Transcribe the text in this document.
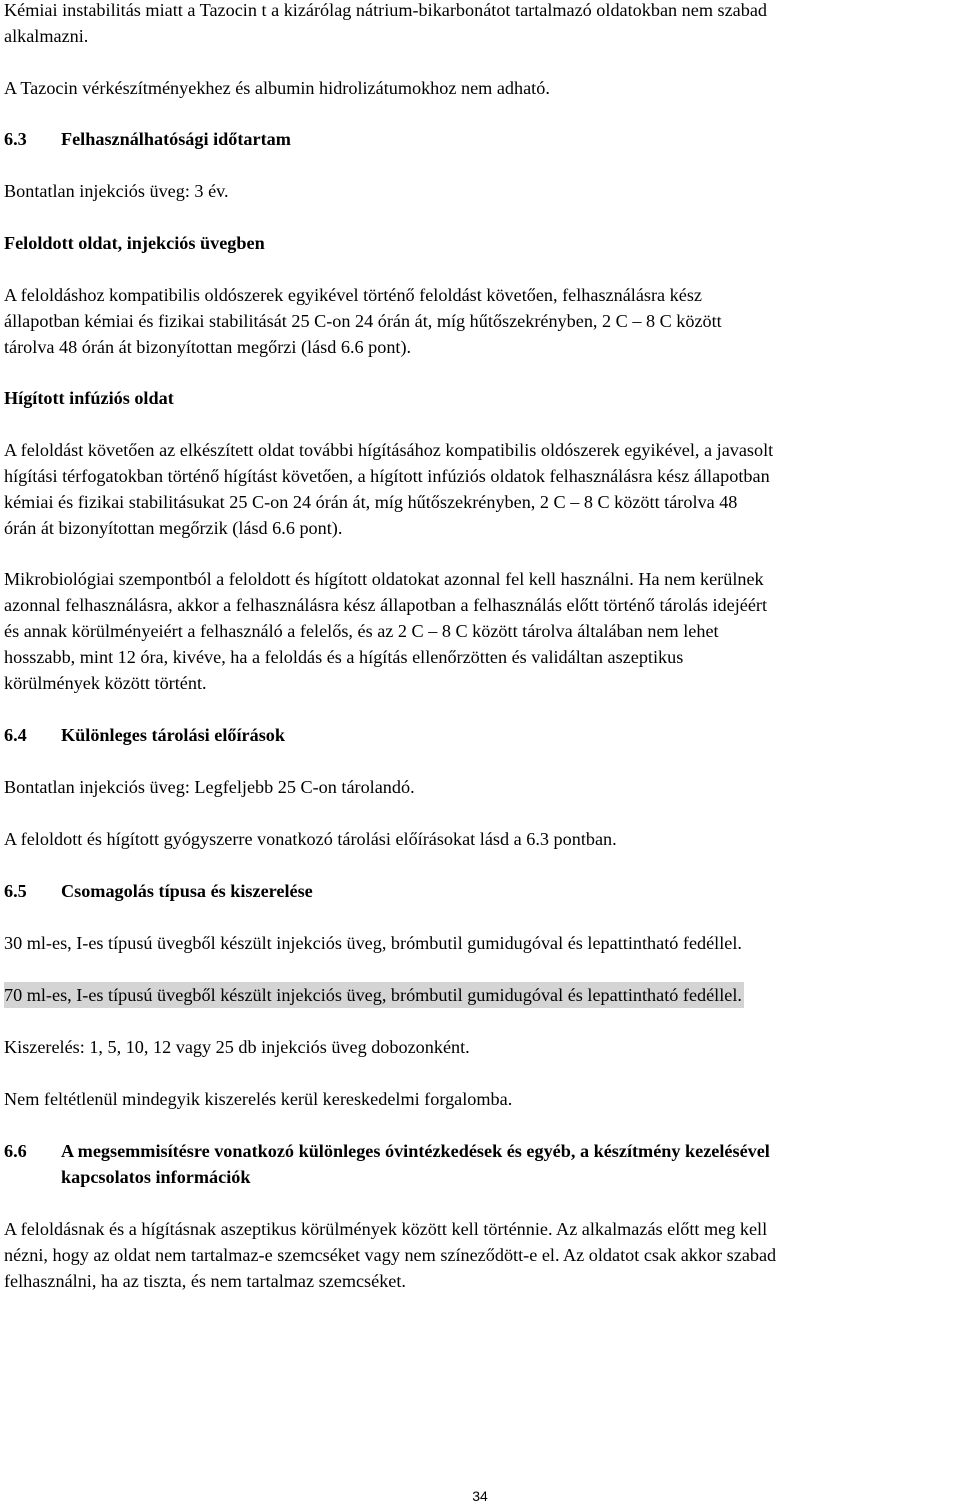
Kémiai instabilitás miatt a Tazocin t a kizárólag nátrium-bikarbonátot tartalmazó oldatokban nem szabad
alkalmazni.

A Tazocin vérkészítményekhez és albumin hidrolizátumokhoz nem adható.

6.3 Felhasználhatósági időtartam

Bontatlan injekciós üveg: 3 év.

Feloldott oldat, injekciós üvegben

A feloldáshoz kompatibilis oldószerek egyikével történő feloldást követően, felhasználásra kész
állapotban kémiai és fizikai stabilitását 25 C-on 24 órán át, míg hűtőszekrényben, 2 C – 8 C között
tárolva 48 órán át bizonyítottan megőrzi (lásd 6.6 pont).

Hígított infúziós oldat

A feloldást követően az elkészített oldat további hígításához kompatibilis oldószerek egyikével, a javasolt
hígítási térfogatokban történő hígítást követően, a hígított infúziós oldatok felhasználásra kész állapotban
kémiai és fizikai stabilitásukat 25 C-on 24 órán át, míg hűtőszekrényben, 2 C – 8 C között tárolva 48
órán át bizonyítottan megőrzik (lásd 6.6 pont).

Mikrobiológiai szempontból a feloldott és hígított oldatokat azonnal fel kell használni. Ha nem kerülnek
azonnal felhasználásra, akkor a felhasználásra kész állapotban a felhasználás előtt történő tárolás idejéért
és annak körülményeiért a felhasználó a felelős, és az 2 C – 8 C között tárolva általában nem lehet
hosszabb, mint 12 óra, kivéve, ha a feloldás és a hígítás ellenőrzötten és validáltan aszeptikus
körülmények között történt.

6.4 Különleges tárolási előírások

Bontatlan injekciós üveg: Legfeljebb 25 C-on tárolandó.

A feloldott és hígított gyógyszerre vonatkozó tárolási előírásokat lásd a 6.3 pontban.

6.5 Csomagolás típusa és kiszerelése

30 ml-es, I-es típusú üvegből készült injekciós üveg, brómbutil gumidugóval és lepattintható fedéllel.

70 ml-es, I-es típusú üvegből készült injekciós üveg, brómbutil gumidugóval és lepattintható fedéllel.

Kiszerelés: 1, 5, 10, 12 vagy 25 db injekciós üveg dobozonként.

Nem feltétlenül mindegyik kiszerelés kerül kereskedelmi forgalomba.

6.6 A megsemmisítésre vonatkozó különleges óvintézkedések és egyéb, a készítmény kezelésével
kapcsolatos információk

A feloldásnak és a hígításnak aszeptikus körülmények között kell történnie. Az alkalmazás előtt meg kell
nézni, hogy az oldat nem tartalmaz-e szemcséket vagy nem színeződött-e el. Az oldatot csak akkor szabad
felhasználni, ha az tiszta, és nem tartalmaz szemcséket.

34
